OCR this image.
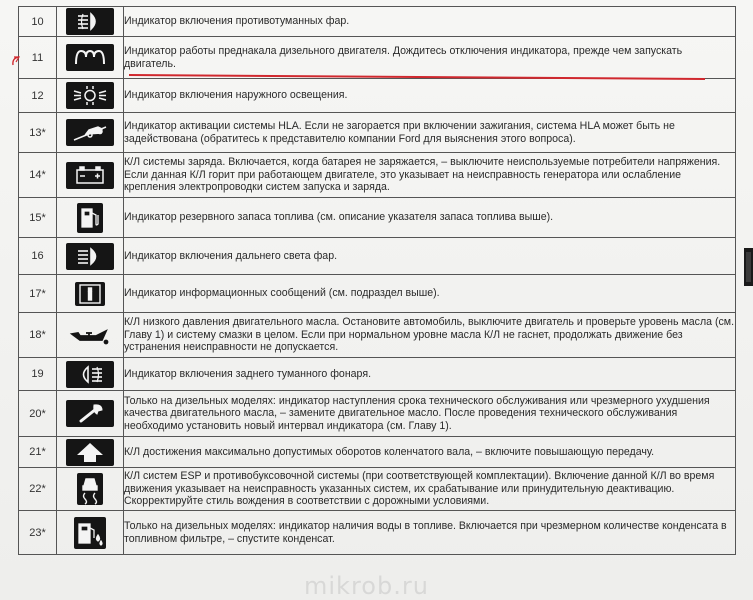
10		Индикатор включения противотуманных фар.
11		Индикатор работы преднакала дизельного двигателя. Дождитесь отключения индикатора, прежде чем запускать двигатель.
12		Индикатор включения наружного освещения.
13*		Индикатор активации системы HLA. Если не загорается при включении зажигания, система HLA может быть не задействована (обратитесь к представителю компании Ford для выяснения этого вопроса).
14*		К/Л системы заряда. Включается, когда батарея не заряжается, – выключите неиспользуемые потребители напряжения. Если данная К/Л горит при работающем двигателе, это указывает на неисправность генератора или ослабление крепления электропроводки систем запуска и заряда.
15*		Индикатор резервного запаса топлива (см. описание указателя запаса топлива выше).
16		Индикатор включения дальнего света фар.
17*		Индикатор информационных сообщений (см. подраздел выше).
18*		К/Л низкого давления двигательного масла. Остановите автомобиль, выключите двигатель и проверьте уровень масла (см. Главу 1) и систему смазки в целом. Если при нормальном уровне масла К/Л не гаснет, продолжать движение без устранения неисправности не допускается.
19		Индикатор включения заднего туманного фонаря.
20*		Только на дизельных моделях: индикатор наступления срока технического обслуживания или чрезмерного ухудшения качества двигательного масла, – замените двигательное масло. После проведения технического обслуживания необходимо установить новый интервал индикатора (см. Главу 1).
21*		К/Л достижения максимально допустимых оборотов коленчатого вала, – включите повышающую передачу.
22*		К/Л систем ESP и противобуксовочной системы (при соответствующей комплектации). Включение данной К/Л во время движения указывает на неисправность указанных систем, их срабатывание или принудительную деактивацию. Скорректируйте стиль вождения в соответствии с дорожными условиями.
23*		Только на дизельных моделях: индикатор наличия воды в топливе. Включается при чрезмерном количестве конденсата в топливном фильтре, – спустите конденсат.
mikrob.ru
